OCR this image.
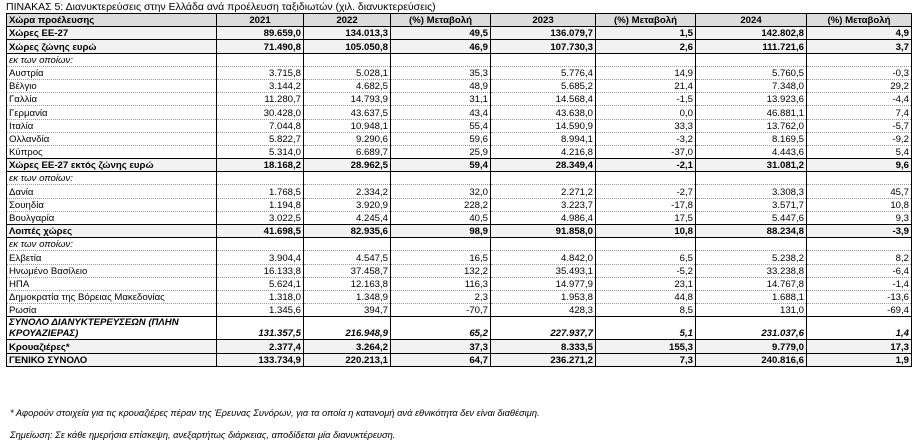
ΠΙΝΑΚΑΣ 5: Διανυκτερεύσεις στην Ελλάδα ανά προέλευση ταξιδιωτών (χιλ. διανυκτερεύσεις)
Χώρα προέλευσης	2021	2022	(%) Μεταβολή	2023	(%) Μεταβολή	2024	(%) Μεταβολή
Χώρες ΕΕ-27	89.659,0	134.013,3	49,5	136.079,7	1,5	142.802,8	4,9
Χώρες ζώνης ευρώ	71.490,8	105.050,8	46,9	107.730,3	2,6	111.721,6	3,7
εκ των οποίων:							
Αυστρία	3.715,8	5.028,1	35,3	5.776,4	14,9	5.760,5	-0,3
Βέλγιο	3.144,2	4.682,5	48,9	5.685,2	21,4	7.348,0	29,2
Γαλλία	11.280,7	14.793,9	31,1	14.568,4	-1,5	13.923,6	-4,4
Γερμανία	30.428,0	43.637,5	43,4	43.638,0	0,0	46.881,1	7,4
Ιταλία	7.044,8	10.948,1	55,4	14.590,9	33,3	13.762,0	-5,7
Ολλανδία	5.822,7	9.290,6	59,6	8.994,1	-3,2	8.169,5	-9,2
Κύπρος	5.314,0	6.689,7	25,9	4.216,8	-37,0	4.443,6	5,4
Χώρες ΕΕ-27 εκτός ζώνης ευρώ	18.168,2	28.962,5	59,4	28.349,4	-2,1	31.081,2	9,6
εκ των οποίων:							
Δανία	1.768,5	2.334,2	32,0	2.271,2	-2,7	3.308,3	45,7
Σουηδία	1.194,8	3.920,9	228,2	3.223,7	-17,8	3.571,7	10,8
Βουλγαρία	3.022,5	4.245,4	40,5	4.986,4	17,5	5.447,6	9,3
Λοιπές χώρες	41.698,5	82.935,6	98,9	91.858,0	10,8	88.234,8	-3,9
εκ των οποίων:							
Ελβετία	3.904,4	4.547,5	16,5	4.842,0	6,5	5.238,2	8,2
Ηνωμένο Βασίλειο	16.133,8	37.458,7	132,2	35.493,1	-5,2	33.238,8	-6,4
ΗΠΑ	5.624,1	12.163,8	116,3	14.977,9	23,1	14.767,8	-1,4
Δημοκρατία της Βόρειας Μακεδονίας	1.318,0	1.348,9	2,3	1.953,8	44,8	1.688,1	-13,6
Ρωσία	1.345,6	394,7	-70,7	428,3	8,5	131,0	-69,4
ΣΥΝΟΛΟ ΔΙΑΝΥΚΤΕΡΕΥΣΕΩΝ (ΠΛΗΝ ΚΡΟΥΑΖΙΕΡΑΣ)	131.357,5	216.948,9	65,2	227.937,7	5,1	231.037,6	1,4
Κρουαζιέρες*	2.377,4	3.264,2	37,3	8.333,5	155,3	9.779,0	17,3
ΓΕΝΙΚΟ ΣΥΝΟΛΟ	133.734,9	220.213,1	64,7	236.271,2	7,3	240.816,6	1,9
* Αφορούν στοιχεία για τις κρουαζιέρες πέραν της Έρευνας Συνόρων, για τα οποία η κατανομή ανά εθνικότητα δεν είναι διαθέσιμη.
Σημείωση: Σε κάθε ημερήσια επίσκεψη, ανεξαρτήτως διάρκειας, αποδίδεται μία διανυκτέρευση.
